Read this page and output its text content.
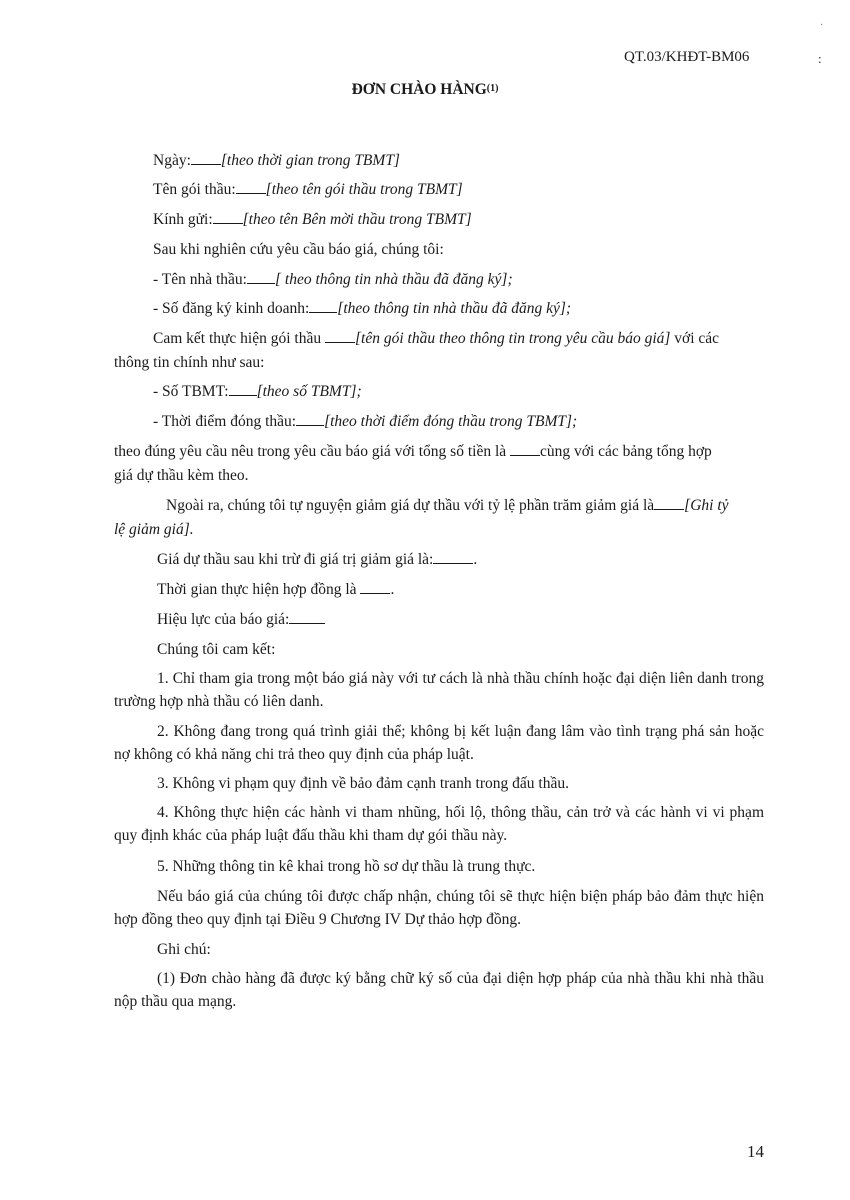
·
QT.03/KHĐT-BM06	:
ĐƠN CHÀO HÀNG$^{(1)}$
Ngày: [theo thời gian trong TBMT]
Tên gói thầu: [theo tên gói thầu trong TBMT]
Kính gửi: [theo tên Bên mời thầu trong TBMT]
Sau khi nghiên cứu yêu cầu báo giá, chúng tôi:
- Tên nhà thầu: [ theo thông tin nhà thầu đã đăng ký];
- Số đăng ký kinh doanh: [theo thông tin nhà thầu đã đăng ký];
Cam kết thực hiện gói thầu [tên gói thầu theo thông tin trong yêu cầu báo giá] với các
thông tin chính như sau:
- Số TBMT: [theo số TBMT];
- Thời điểm đóng thầu: [theo thời điểm đóng thầu trong TBMT];
theo đúng yêu cầu nêu trong yêu cầu báo giá với tổng số tiền là cùng với các bảng tổng hợp
giá dự thầu kèm theo.
Ngoài ra, chúng tôi tự nguyện giảm giá dự thầu với tỷ lệ phần trăm giảm giá là [Ghi tỷ
lệ giảm giá].
Giá dự thầu sau khi trừ đi giá trị giảm giá là:	.
Thời gian thực hiện hợp đồng là .
Hiệu lực của báo giá:
Chúng tôi cam kết:
1. Chỉ tham gia trong một báo giá này với tư cách là nhà thầu chính hoặc đại diện liên danh trong trường hợp nhà thầu có liên danh.
2. Không đang trong quá trình giải thể; không bị kết luận đang lâm vào tình trạng phá sản hoặc nợ không có khả năng chi trả theo quy định của pháp luật.
3. Không vi phạm quy định về bảo đảm cạnh tranh trong đấu thầu.
4. Không thực hiện các hành vi tham nhũng, hối lộ, thông thầu, cản trở và các hành vi vi phạm quy định khác của pháp luật đấu thầu khi tham dự gói thầu này.
5. Những thông tin kê khai trong hồ sơ dự thầu là trung thực.
Nếu báo giá của chúng tôi được chấp nhận, chúng tôi sẽ thực hiện biện pháp bảo đảm thực hiện hợp đồng theo quy định tại Điều 9 Chương IV Dự thảo hợp đồng.
Ghi chú:
(1) Đơn chào hàng đã được ký bằng chữ ký số của đại diện hợp pháp của nhà thầu khi nhà thầu nộp thầu qua mạng.
14
